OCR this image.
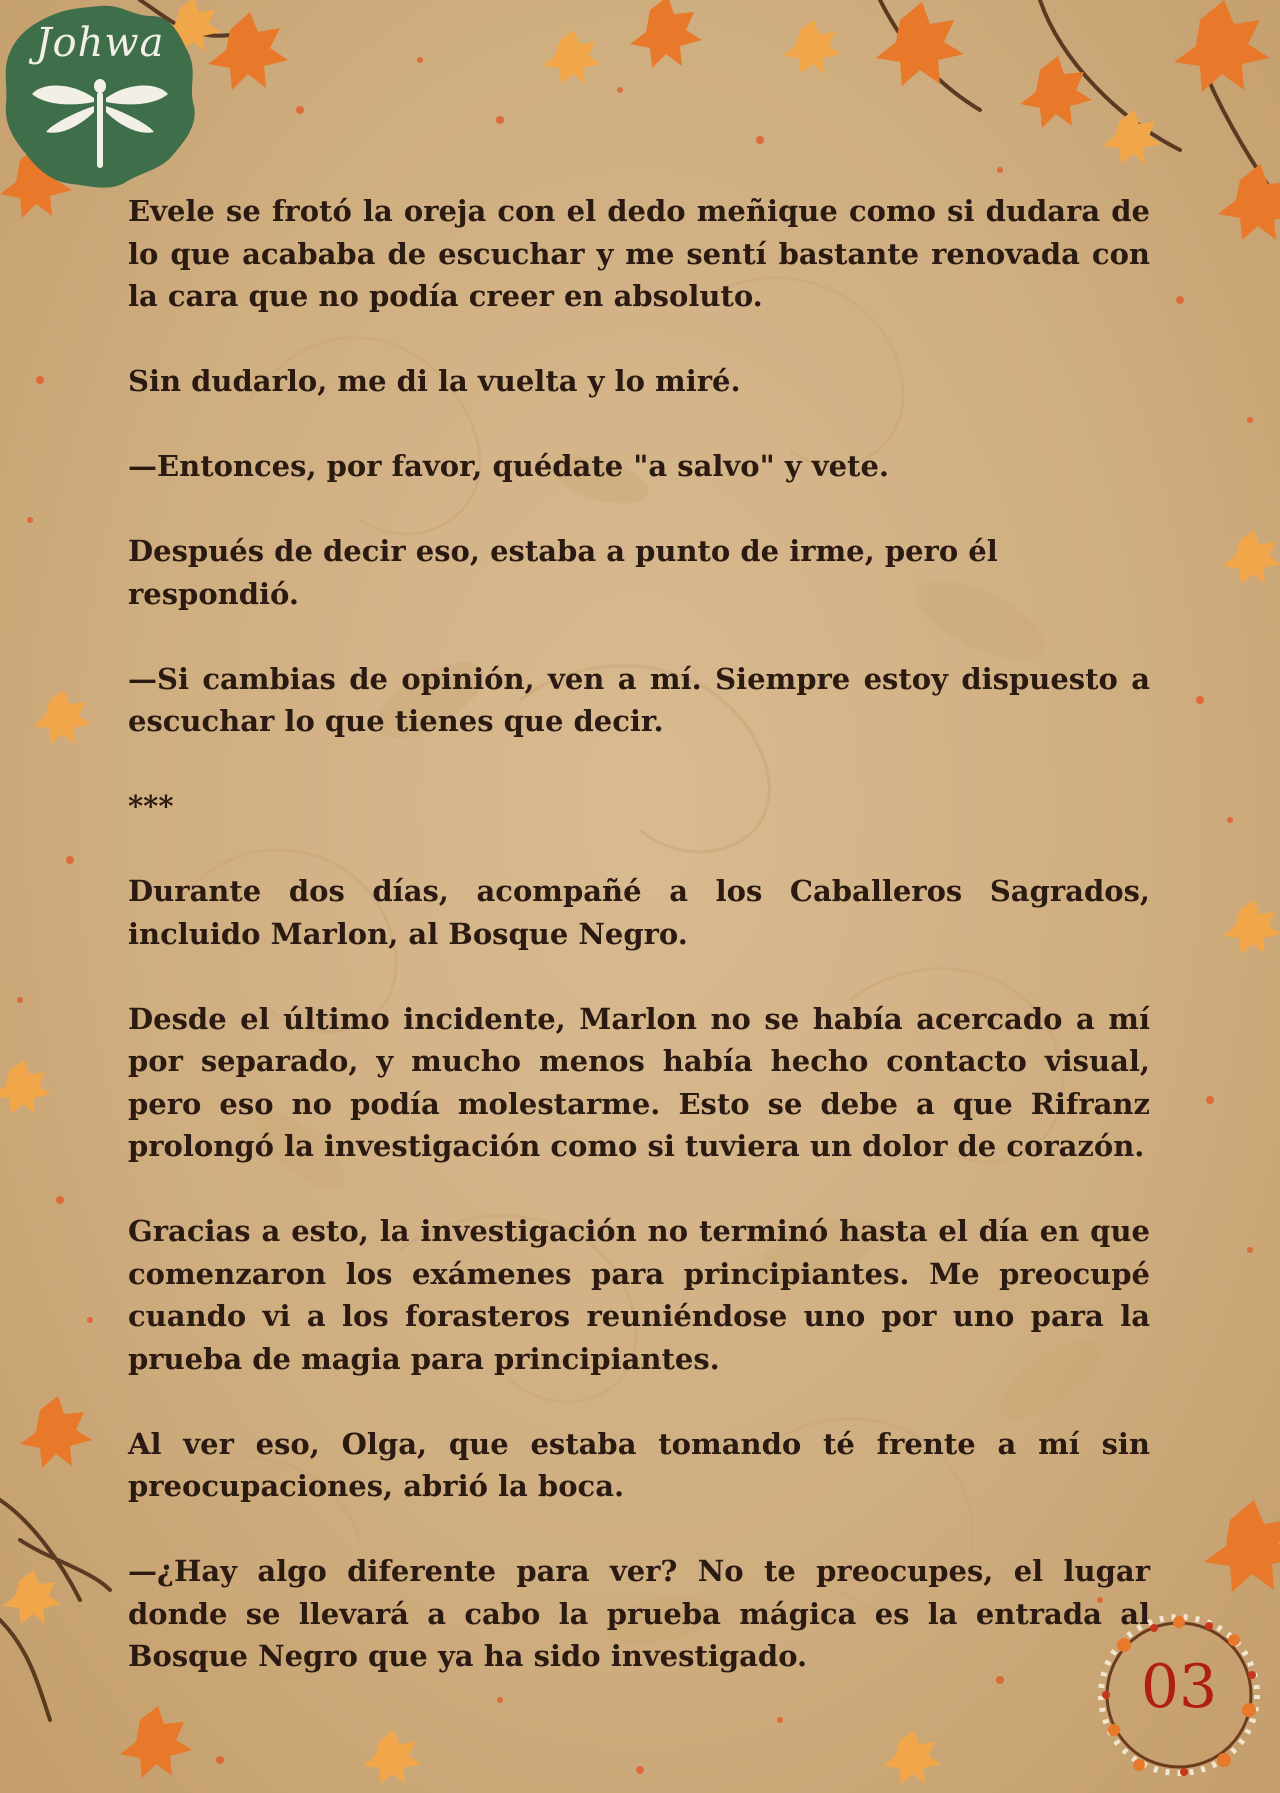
Johwa

Evele se frotó la oreja con el dedo meñique como si dudara de lo que acababa de escuchar y me sentí bastante renovada con la cara que no podía creer en absoluto.

Sin dudarlo, me di la vuelta y lo miré.

—Entonces, por favor, quédate "a salvo" y vete.

Después de decir eso, estaba a punto de irme, pero él respondió.

—Si cambias de opinión, ven a mí. Siempre estoy dispuesto a escuchar lo que tienes que decir.

***

Durante dos días, acompañé a los Caballeros Sagrados, incluido Marlon, al Bosque Negro.

Desde el último incidente, Marlon no se había acercado a mí por separado, y mucho menos había hecho contacto visual, pero eso no podía molestarme. Esto se debe a que Rifranz prolongó la investigación como si tuviera un dolor de corazón.

Gracias a esto, la investigación no terminó hasta el día en que comenzaron los exámenes para principiantes. Me preocupé cuando vi a los forasteros reuniéndose uno por uno para la prueba de magia para principiantes.

Al ver eso, Olga, que estaba tomando té frente a mí sin preocupaciones, abrió la boca.

—¿Hay algo diferente para ver? No te preocupes, el lugar donde se llevará a cabo la prueba mágica es la entrada al Bosque Negro que ya ha sido investigado.	03
